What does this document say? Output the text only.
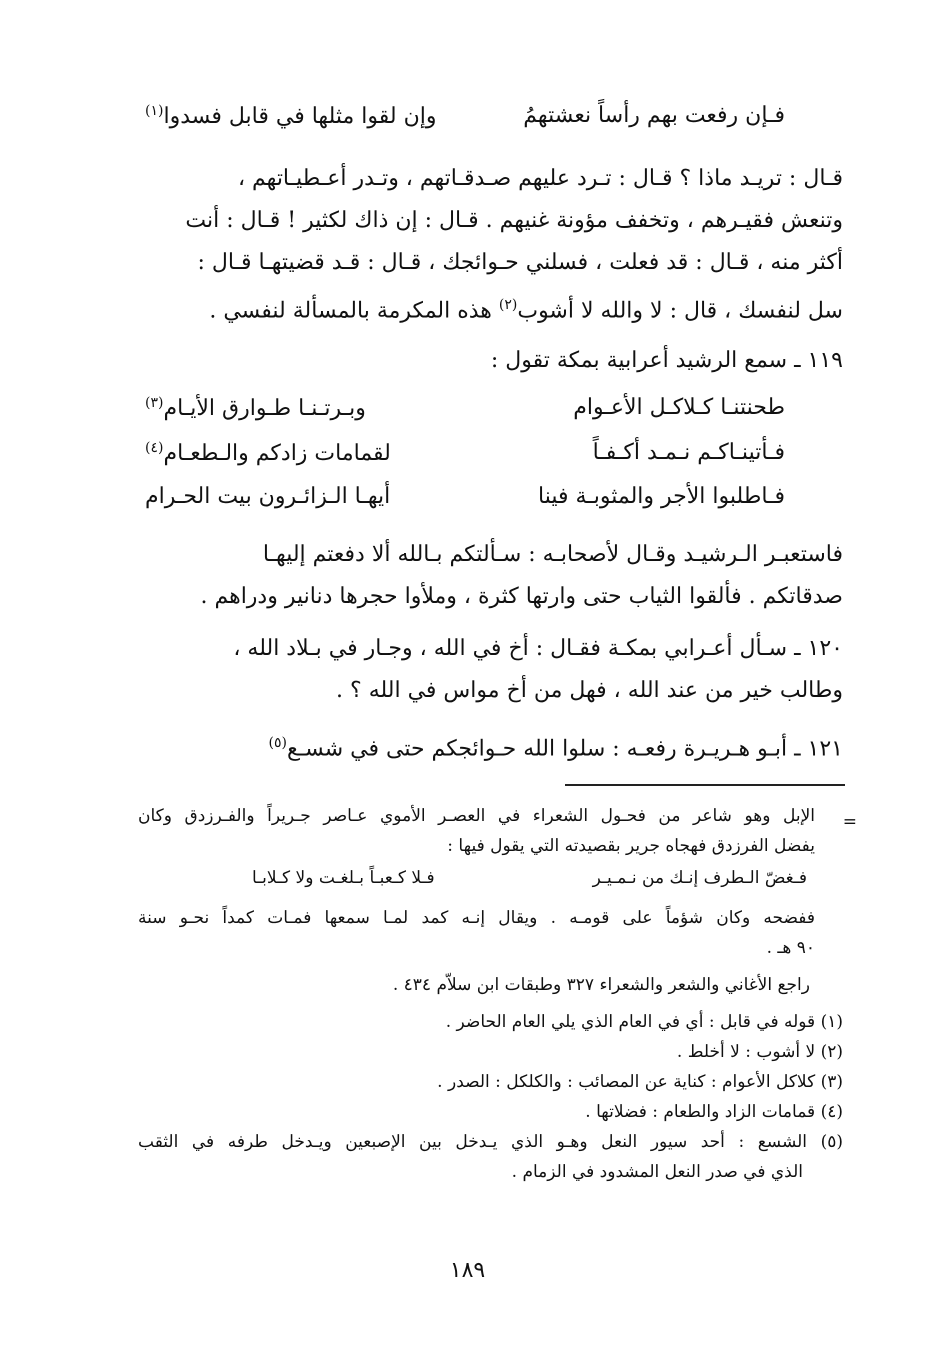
فـإن رفعت بهم رأساً نعشتهمُ
وإن لقوا مثلها في قابل فسدوا(١)
قـال : تريـد ماذا ؟ قـال : تـرد عليهم صـدقـاتهم ، وتـدر أعـطيـاتهم ،
وتنعش فقيـرهم ، وتخفف مؤونة غنيهم . قـال : إن ذاك لكثير ! قـال : أنت
أكثر منه ، قـال : قد فعلت ، فسلني حـوائجك ، قـال : قـد قضيتهـا قـال :
سل لنفسك ، قال : لا والله لا أشوب$^{(٢)}$ هذه المكرمة بالمسألة لنفسي .
١١٩ ـ سمع الرشيد أعرابية بمكة تقول :
طحنتنـا كـلاكـل الأعـوام
وبـرتـنـا طـوارق الأيـام(٣)
فـأتينـاكـم نـمـد أكـفـاً
لقمامات زادكم والـطعـام(٤)
فـاطلبوا الأجر والمثوبـة فينا
أيهـا الـزائـرون بيت الحـرام
فاستعبـر الـرشيـد وقـال لأصحابـه : سـألتكم بـالله ألا دفعتم إليهـا
صدقاتكم . فألقوا الثياب حتى وارتها كثرة ، وملأوا حجرها دنانير ودراهم .
١٢٠ ـ سـأل أعـرابي بمكـة فقـال : أخ في الله ، وجـار في بـلاد الله ،
وطالب خير من عند الله ، فهل من أخ مواس في الله ؟ .
١٢١ ـ أبـو هـريـرة رفعـه : سلوا الله حـوائجكم حتى في شسـع$^{(٥)}$
=
الإبل وهو شاعر من فحـول الشعراء في العصـر الأموي عـاصر جـريراً والفـرزدق وكان
يفضل الفرزدق فهجاه جرير بقصيدته التي يقول فيها :
فـغضّ الـطرف إنـك من نـمـيـر
فـلا كـعبـاً بـلغـت ولا كـلابـا
ففضحه وكان شؤماً على قومـه . ويقال إنـه كمد لمـا سمعها فمـات كمداً نحـو سنة
٩٠ هـ .
راجع الأغاني والشعر والشعراء ٣٢٧ وطبقات ابن سلاّم ٤٣٤ .
(١) قوله في قابل : أي في العام الذي يلي العام الحاضر .
(٢) لا أشوب : لا أخلط .
(٣) كلاكل الأعوام : كناية عن المصائب : والكلكل : الصدر .
(٤) قمامات الزاد والطعام : فضلاتها .
(٥) الشسع : أحد سيور النعل وهـو الذي يـدخل بين الإصبعين ويـدخل طرفه في الثقب
الذي في صدر النعل المشدود في الزمام .
١٨٩
